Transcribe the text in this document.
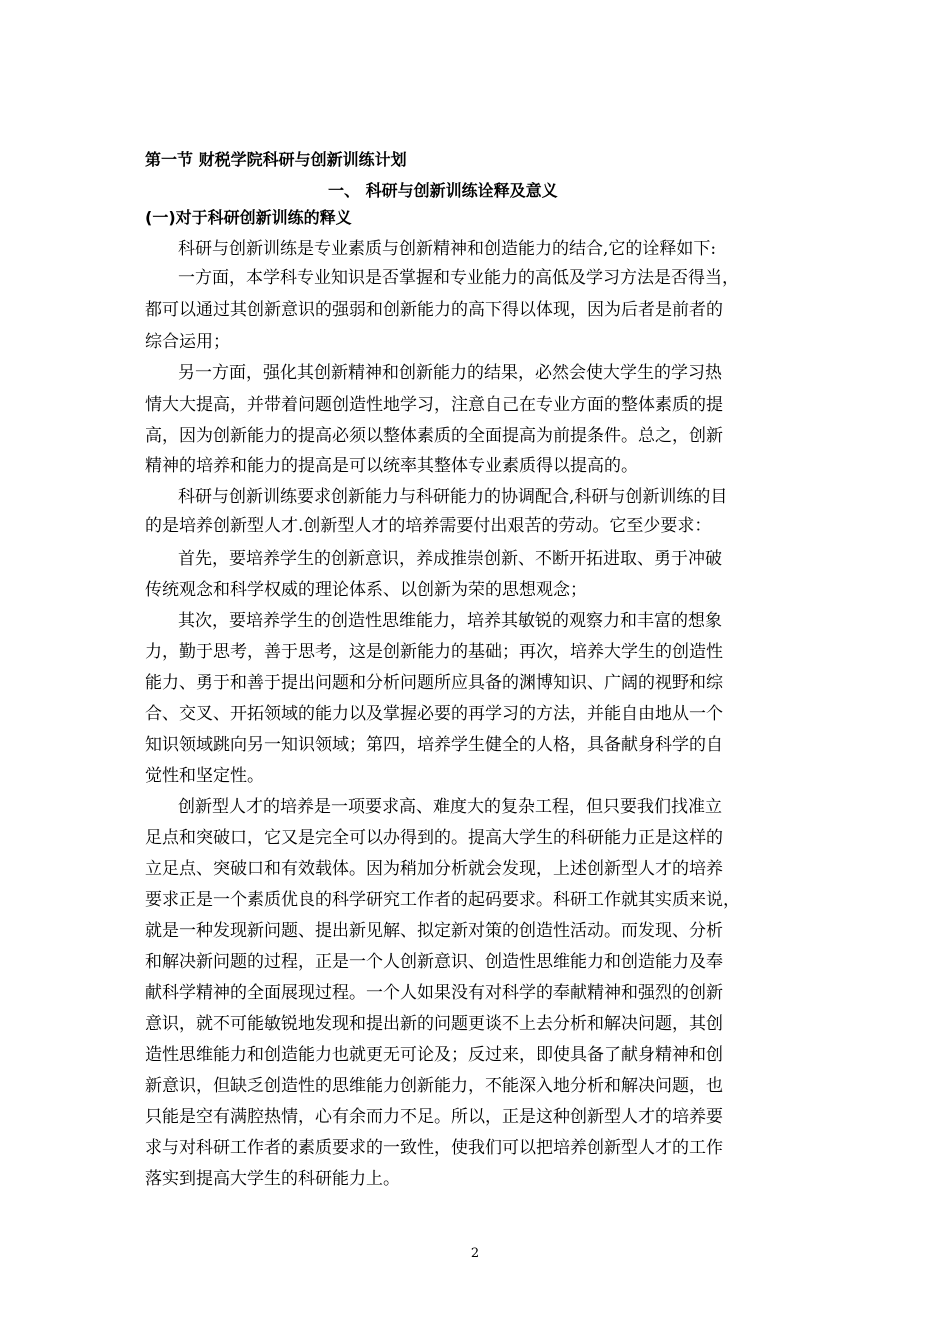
第一节 财税学院科研与创新训练计划
一、 科研与创新训练诠释及意义
(一)对于科研创新训练的释义
科研与创新训练是专业素质与创新精神和创造能力的结合,它的诠释如下:
一方面，本学科专业知识是否掌握和专业能力的高低及学习方法是否得当，
都可以通过其创新意识的强弱和创新能力的高下得以体现，因为后者是前者的
综合运用；
另一方面，强化其创新精神和创新能力的结果，必然会使大学生的学习热
情大大提高，并带着问题创造性地学习，注意自己在专业方面的整体素质的提
高，因为创新能力的提高必须以整体素质的全面提高为前提条件。总之，创新
精神的培养和能力的提高是可以统率其整体专业素质得以提高的。
科研与创新训练要求创新能力与科研能力的协调配合,科研与创新训练的目
的是培养创新型人才.创新型人才的培养需要付出艰苦的劳动。它至少要求：
首先，要培养学生的创新意识，养成推崇创新、不断开拓进取、勇于冲破
传统观念和科学权威的理论体系、以创新为荣的思想观念；
其次，要培养学生的创造性思维能力，培养其敏锐的观察力和丰富的想象
力，勤于思考，善于思考，这是创新能力的基础；再次，培养大学生的创造性
能力、勇于和善于提出问题和分析问题所应具备的渊博知识、广阔的视野和综
合、交叉、开拓领域的能力以及掌握必要的再学习的方法，并能自由地从一个
知识领域跳向另一知识领域；第四，培养学生健全的人格，具备献身科学的自
觉性和坚定性。
创新型人才的培养是一项要求高、难度大的复杂工程，但只要我们找准立
足点和突破口，它又是完全可以办得到的。提高大学生的科研能力正是这样的
立足点、突破口和有效载体。因为稍加分析就会发现，上述创新型人才的培养
要求正是一个素质优良的科学研究工作者的起码要求。科研工作就其实质来说，
就是一种发现新问题、提出新见解、拟定新对策的创造性活动。而发现、分析
和解决新问题的过程，正是一个人创新意识、创造性思维能力和创造能力及奉
献科学精神的全面展现过程。一个人如果没有对科学的奉献精神和强烈的创新
意识，就不可能敏锐地发现和提出新的问题更谈不上去分析和解决问题，其创
造性思维能力和创造能力也就更无可论及；反过来，即使具备了献身精神和创
新意识，但缺乏创造性的思维能力创新能力，不能深入地分析和解决问题，也
只能是空有满腔热情，心有余而力不足。所以，正是这种创新型人才的培养要
求与对科研工作者的素质要求的一致性，使我们可以把培养创新型人才的工作
落实到提高大学生的科研能力上。
2
